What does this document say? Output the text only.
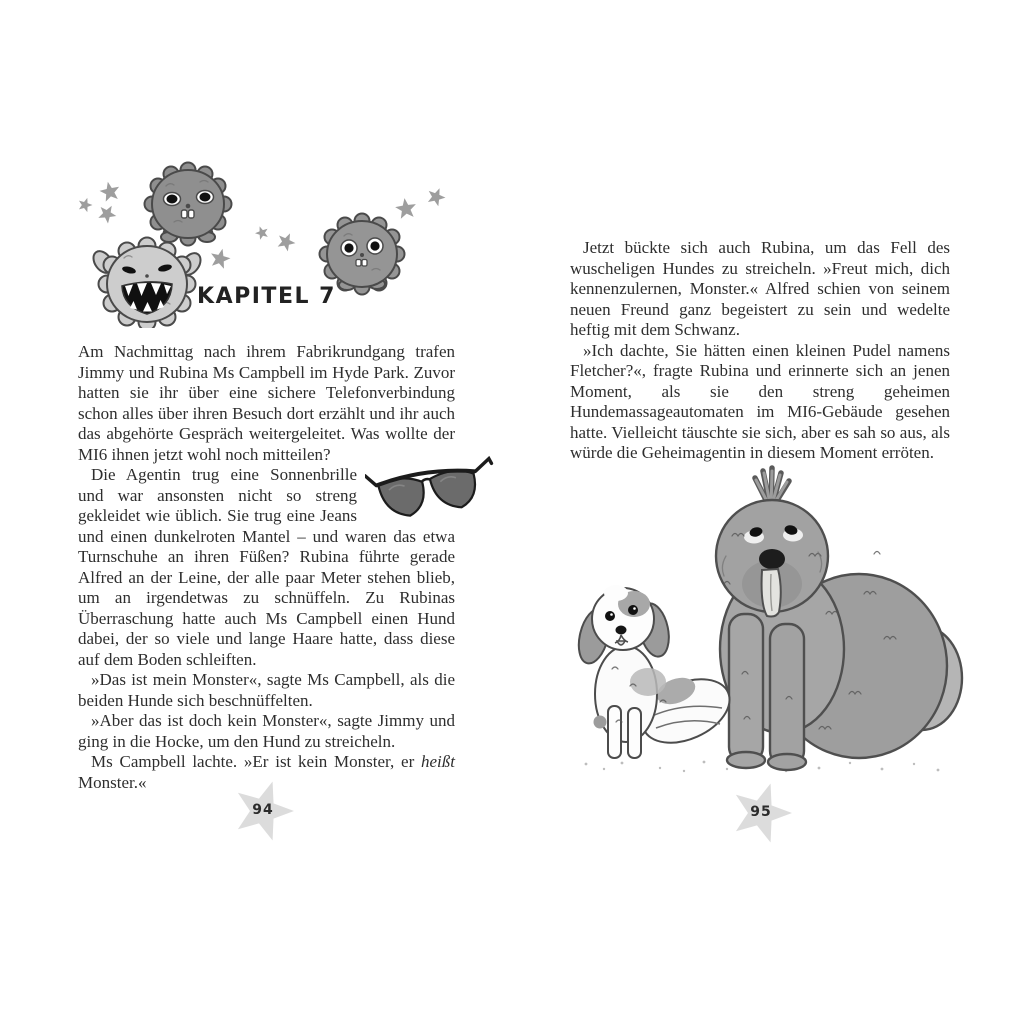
KAPITEL 7

Am Nachmittag nach ihrem Fabrikrundgang trafen Jimmy und Rubina Ms Campbell im Hyde Park. Zuvor hatten sie ihr über eine sichere Telefonverbindung schon alles über ihren Besuch dort erzählt und ihr auch das abgehörte Gespräch weitergeleitet. Was wollte der MI6 ihnen jetzt wohl noch mitteilen?

Die Agentin trug eine Sonnenbrille und war ansonsten nicht so streng gekleidet wie üblich. Sie trug eine Jeans und einen dunkelroten Mantel – und waren das etwa Turnschuhe an ihren Füßen? Rubina führte gerade Alfred an der Leine, der alle paar Meter stehen blieb, um an irgendetwas zu schnüffeln. Zu Rubinas Überraschung hatte auch Ms Campbell einen Hund dabei, der so viele und lange Haare hatte, dass diese auf dem Boden schleiften.

»Das ist mein Monster«, sagte Ms Campbell, als die beiden Hunde sich beschnüffelten.

»Aber das ist doch kein Monster«, sagte Jimmy und ging in die Hocke, um den Hund zu streicheln.

Ms Campbell lachte. »Er ist kein Monster, er heißt Monster.«

94

Jetzt bückte sich auch Rubina, um das Fell des wuscheligen Hundes zu streicheln. »Freut mich, dich kennenzulernen, Monster.« Alfred schien von seinem neuen Freund ganz begeistert zu sein und wedelte heftig mit dem Schwanz.

»Ich dachte, Sie hätten einen kleinen Pudel namens Fletcher?«, fragte Rubina und erinnerte sich an jenen Moment, als sie den streng geheimen Hundemassageautomaten im MI6-Gebäude gesehen hatte. Vielleicht täuschte sie sich, aber es sah so aus, als würde die Geheimagentin in diesem Moment erröten.

95
